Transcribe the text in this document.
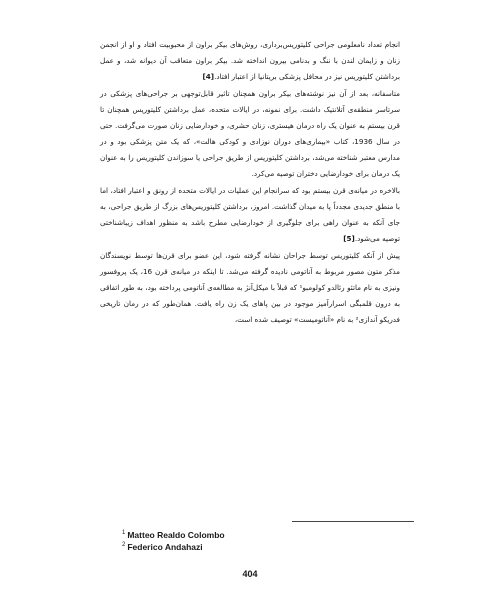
انجام تعداد نامعلومی جراحی کلیتوریس‌برداری، روش‌های بیکر براون از محبوبیت افتاد و او از انجمن زنان و زایمان لندن با ننگ و بدنامی بیرون انداخته شد. بیکر براون متعاقب آن دیوانه شد، و عمل برداشتن کلیتوریس نیز در محافل پزشکی بریتانیا از اعتبار افتاد.[4]

متاسفانه، بعد از آن نیز نوشته‌های بیکر براون همچنان تاثیر قابل‌توجهی بر جراحی‌های پزشکی در سرتاسر منطقه‌ی آتلانتیک داشت. برای نمونه، در ایالات متحده، عمل برداشتن کلیتوریس همچنان تا قرن بیستم به عنوان یک راه درمان هیستری، زنان حشری، و خودارضایی زنان صورت می‌گرفت. حتی در سال 1936، کتاب «بیماری‌های دوران نوزادی و کودکی هالت»، که یک متن پزشکی بود و در مدارس معتبر شناخته می‌شد، برداشتن کلیتوریس از طریق جراحی یا سوزاندن کلیتوریس را به عنوان یک درمان برای خودارضایی دختران توصیه می‌کرد.

بالاخره در میانه‌ی قرن بیستم بود که سرانجام این عملیات در ایالات متحده از رونق و اعتبار افتاد، اما با منطق جدیدی مجدداً پا به میدان گذاشت. امروز، برداشتن کلیتوریس‌های بزرگ از طریق جراحی، به جای آنکه به عنوان راهی برای جلوگیری از خودارضایی مطرح باشد به منظور اهداف زیباشناختی توصیه می‌شود.[5]

پیش از آنکه کلیتوریس توسط جراحان نشانه گرفته شود، این عضو برای قرن‌ها توسط نویسندگان مذکر متون مصور مربوط به آناتومی نادیده گرفته می‌شد. تا اینکه در میانه‌ی قرن 16، یک پروفسور ونیزی به نام ماتئو رئالدو کولومبو¹ که قبلاً با میکل‌آنژ به مطالعه‌ی آناتومی پرداخته بود، به طور اتفاقی به درون قلمبگی اسرارآمیز موجود در بین پاهای یک زن راه یافت. همان‌طور که در رمان تاریخی فدریکو آندازی² به نام «آناتومیست» توصیف شده است،

$^1$ Matteo Realdo Colombo
$^2$ Federico Andahazi
404
